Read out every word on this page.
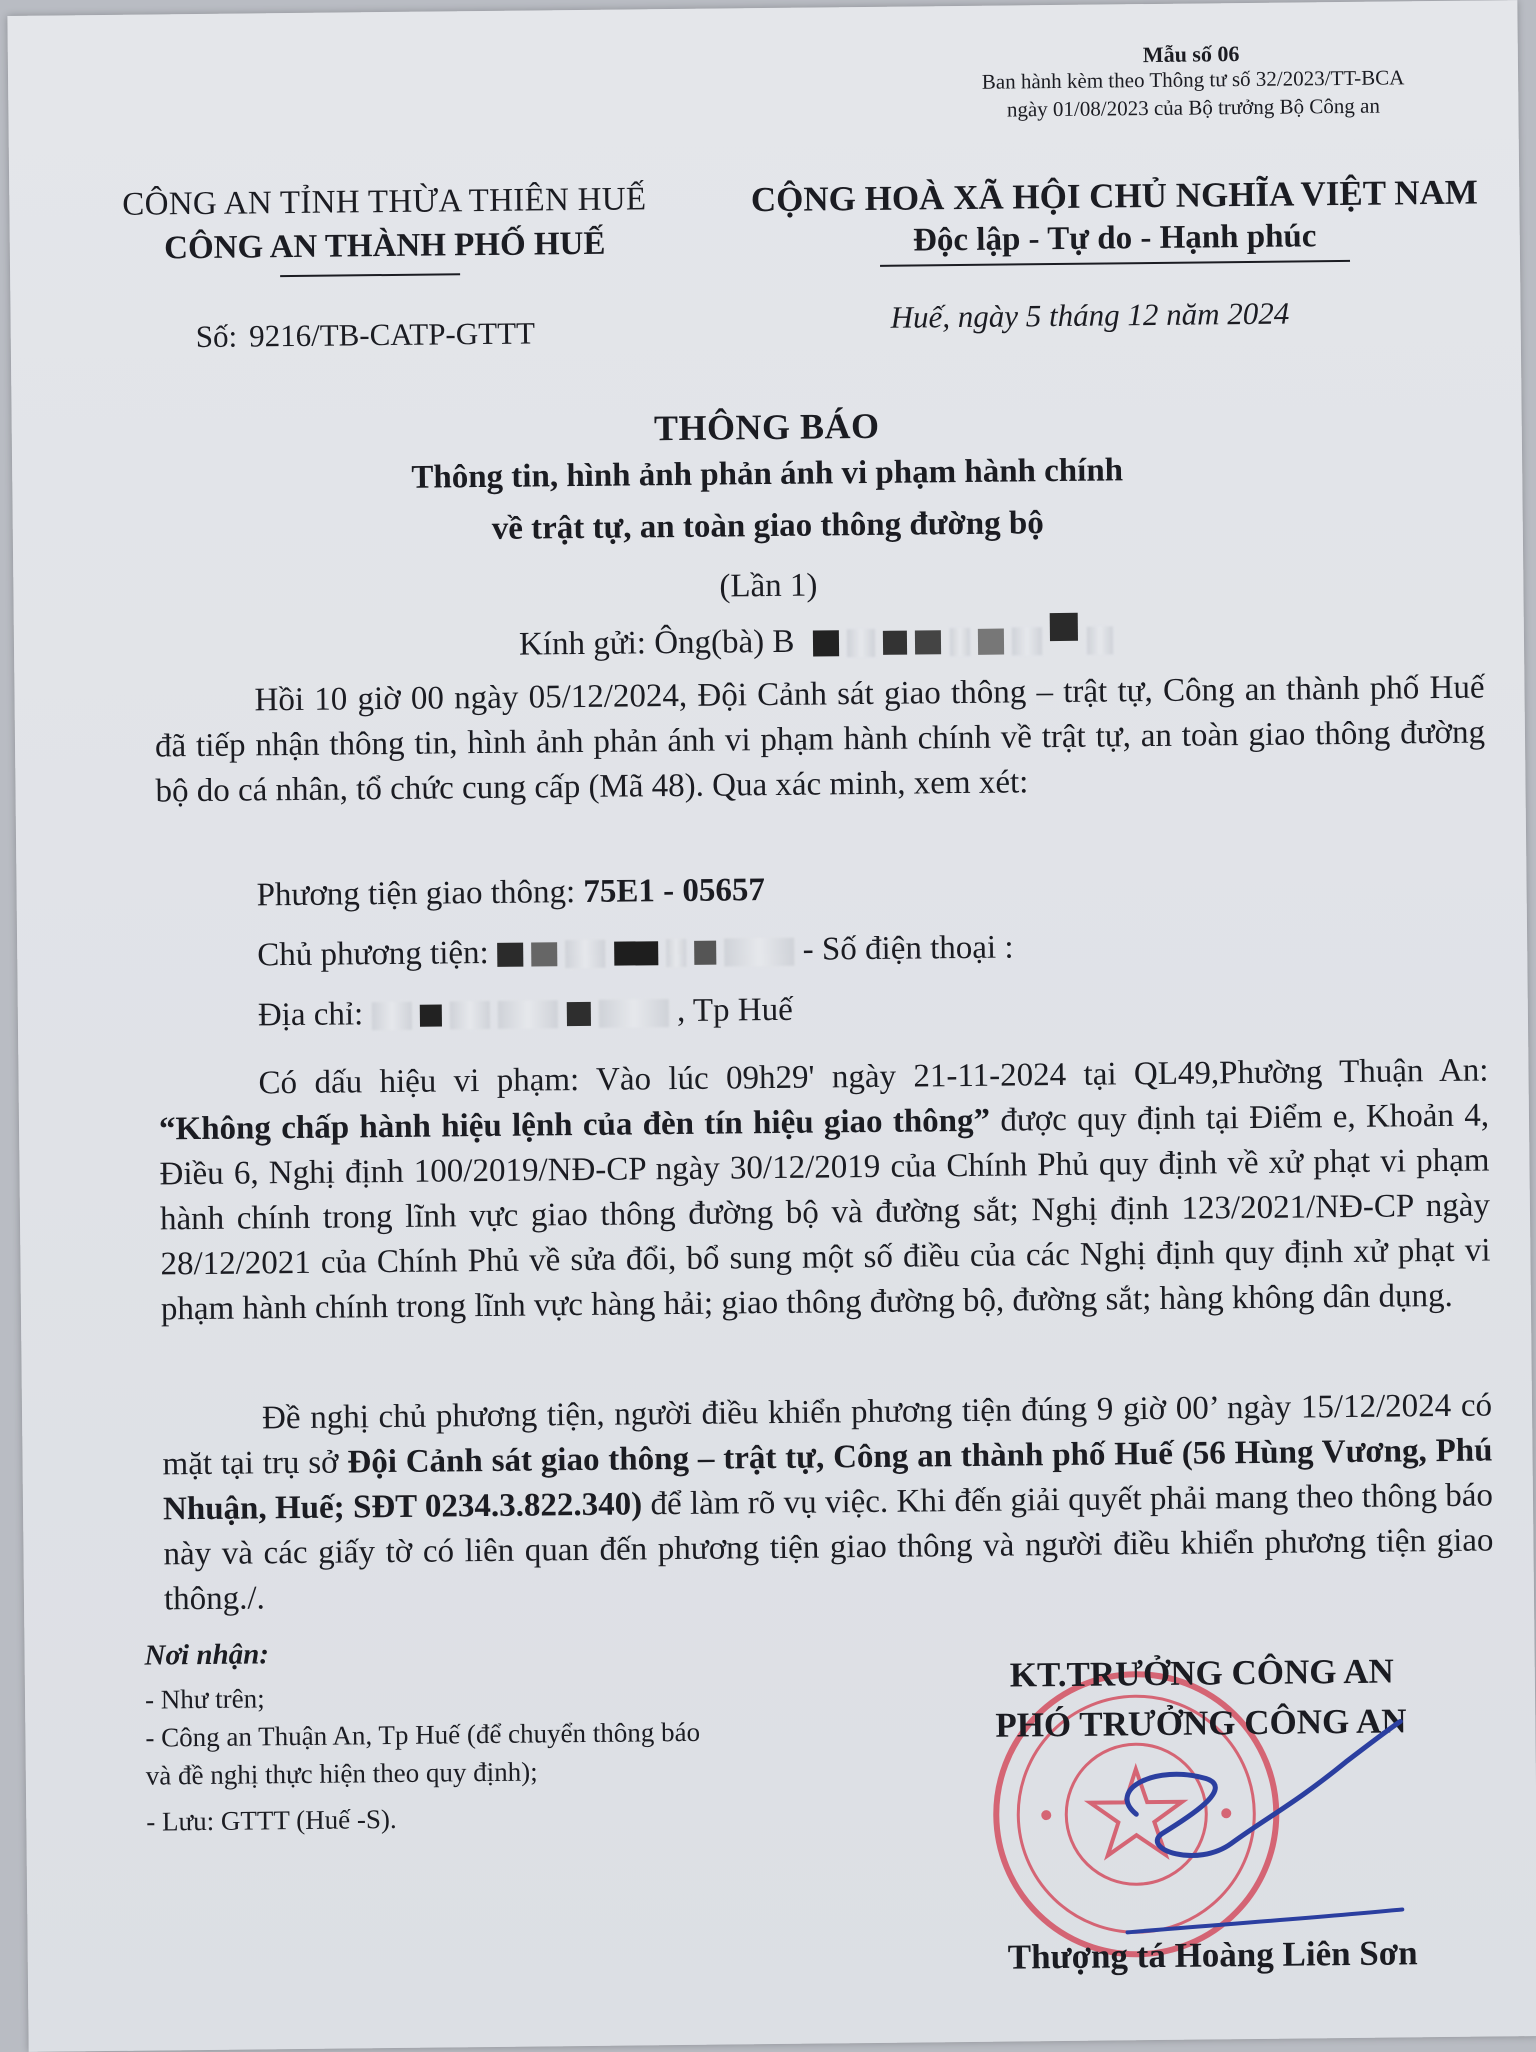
Mẫu số 06
Ban hành kèm theo Thông tư số 32/2023/TT-BCA
ngày 01/08/2023 của Bộ trưởng Bộ Công an
CÔNG AN TỈNH THỪA THIÊN HUẾ
CÔNG AN THÀNH PHỐ HUẾ
CỘNG HOÀ XÃ HỘI CHỦ NGHĨA VIỆT NAM
Độc lập - Tự do - Hạnh phúc
Số: 9216/TB-CATP-GTTT	Huế, ngày 5 tháng 12 năm 2024
THÔNG BÁO
Thông tin, hình ảnh phản ánh vi phạm hành chính
về trật tự, an toàn giao thông đường bộ
(Lần 1)
Kính gửi: Ông(bà) B
Hồi 10 giờ 00 ngày 05/12/2024, Đội Cảnh sát giao thông – trật tự, Công an thành phố Huế đã tiếp nhận thông tin, hình ảnh phản ánh vi phạm hành chính về trật tự, an toàn giao thông đường bộ do cá nhân, tổ chức cung cấp (Mã 48). Qua xác minh, xem xét:
Phương tiện giao thông: 75E1 - 05657
Chủ phương tiện:	- Số điện thoại :
Địa chỉ:	, Tp Huế
Có dấu hiệu vi phạm: Vào lúc 09h29' ngày 21-11-2024 tại QL49,Phường Thuận An: “Không chấp hành hiệu lệnh của đèn tín hiệu giao thông” được quy định tại Điểm e, Khoản 4, Điều 6, Nghị định 100/2019/NĐ-CP ngày 30/12/2019 của Chính Phủ quy định về xử phạt vi phạm hành chính trong lĩnh vực giao thông đường bộ và đường sắt; Nghị định 123/2021/NĐ-CP ngày 28/12/2021 của Chính Phủ về sửa đổi, bổ sung một số điều của các Nghị định quy định xử phạt vi phạm hành chính trong lĩnh vực hàng hải; giao thông đường bộ, đường sắt; hàng không dân dụng.
Đề nghị chủ phương tiện, người điều khiển phương tiện đúng 9 giờ 00’ ngày 15/12/2024 có mặt tại trụ sở Đội Cảnh sát giao thông – trật tự, Công an thành phố Huế (56 Hùng Vương, Phú Nhuận, Huế; SĐT 0234.3.822.340) để làm rõ vụ việc. Khi đến giải quyết phải mang theo thông báo này và các giấy tờ có liên quan đến phương tiện giao thông và người điều khiển phương tiện giao thông./.
Nơi nhận:
- Như trên;
- Công an Thuận An, Tp Huế (để chuyển thông báo
và đề nghị thực hiện theo quy định);
- Lưu: GTTT (Huế -S).
KT.TRƯỞNG CÔNG AN
PHÓ TRƯỞNG CÔNG AN
Thượng tá Hoàng Liên Sơn
